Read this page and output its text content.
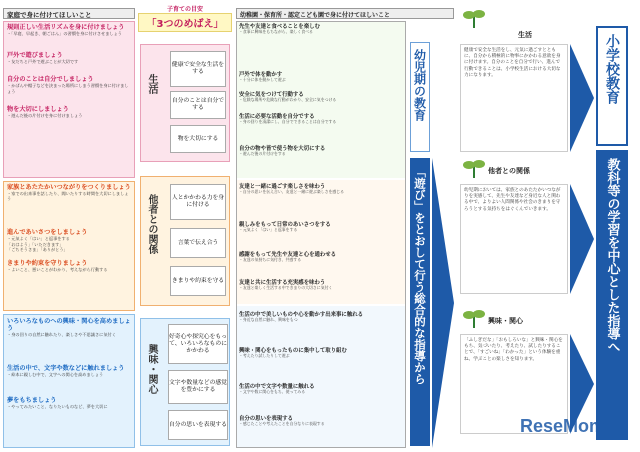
家庭で身に付けてほしいこと
規則正しい生活リズムを身に付けましょう
・「早寝、早起き、朝ごはん」の習慣を身に付けさせましょう
戸外で遊びましょう
・友だちと戸外で遊ぶことが大切です
自分のことは自分でしましょう
・かばんや帽子などを決まった場所にしまう習慣を身に付けましょう
物を大切にしましょう
・遊んだ後の片付けを身に付けましょう
家族とあたたかいつながりをつくりましょう
・家での出来事を話したり、聞いたりする時間を大切にしましょう
進んであいさつをしましょう
・元気よく「はい」と返事をする
「おはよう」「いただきます」
「ごちそうさま」「ありがとう」
きまりや約束を守りましょう
・よいこと、悪いことがわかり、考えながら行動する
いろいろなものへの興味・関心を高めましょう
・身の回りの自然に触れたり、楽しさや不思議さに気付く
生活の中で、文字や数などに触れましょう
・絵本に親しむ中で、文字への関心を高めましょう
夢をもちましょう
・やってみたいこと、なりたいものなど、夢を大切に
子育ての目安
「3つのめばえ」
生活
健康で安全な生活をする
自分のことは自分でする
物を大切にする
他者との関係	人とかかわる力を身に付ける
言葉で伝え合う
きまりや約束を守る
興味・関心
好奇心や探究心をもって、いろいろなものにかかわる
文字や数量などの感覚を豊かにする
自分の思いを表現する
幼稚園・保育所・認定こども園で身に付けてほしいこと
先生や友達と食べることを楽しむ
・食事に興味をもちながら、楽しく食べる
戸外で体を動かす
・十分に体を動かして遊ぶ
安全に気をつけて行動する
・危険な場所や危険な行動がわかり、安全に気をつける
生活に必要な活動を自分でする
・身の回りを清潔にし、自分でできることは自分でする
自分の物や皆で使う物を大切にする
・遊んだ後の片付けをする
友達と一緒に過ごす楽しさを味わう
・自分の思いを伝え合い、友達と一緒に遊ぶ楽しさを感じる
親しみをもって日常のあいさつをする
・元気よく「はい」と返事をする
感謝をもって先生や友達と心を通わせる
・友達の気持ちに気付き、共感する
友達と共に生活する充実感を味わう
・友達と楽しく生活する中できまりの大切さに気付く
生活の中で美しいものや心を動かす出来事に触れる
・身近な自然に触れ、興味をもつ
興味・関心をもったものに集中して取り組む
・考えたり試したりして遊ぶ
生活の中で文字や数量に触れる
・文字や数に関心をもち、使ってみる
自分の思いを表現する
・感じたことや考えたことを自分なりに表現する
幼児期の教育
「遊び」をとおして行う総合的な指導から
生活
健康で安全な生活をし、元気に過ごすとともに、自分から積極的に物事にかかわる意欲を身に付けます。自分のことを自分で行い、進んで行動できることは、小学校生活における大切な力になります。
他者との関係
幼児期においては、家族とのあたたかいつながりを実感して、先生や友達など身近な人と関わる中で、よりよい人間関係や社会のきまりを守ろうとする気持ちをはぐくんでいきます。
興味・関心
「ふしぎだな」「おもしろいな」と興味・関心をもち、気づいたり、考えたり、試したりすることで、「すごいね」「わかった」という体験を重ね、学ぶことの楽しさを知ります。
小学校教育
教科等の学習を中心とした指導へ
ReseMom
